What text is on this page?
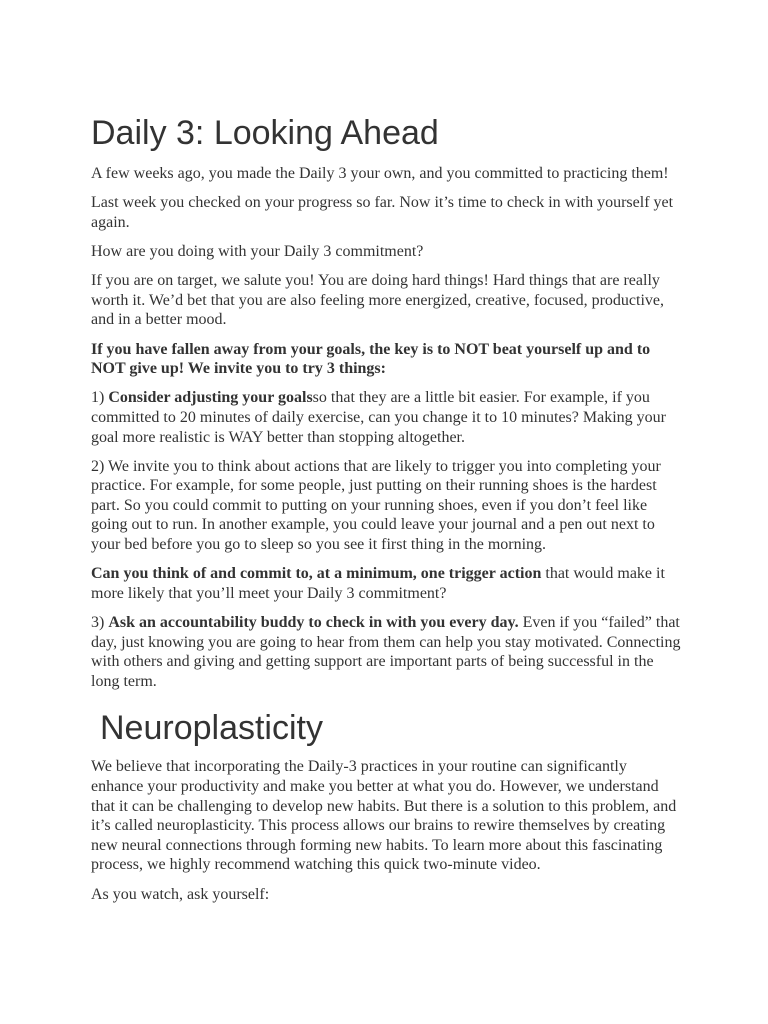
Daily 3: Looking Ahead

A few weeks ago, you made the Daily 3 your own, and you committed to practicing them!

Last week you checked on your progress so far. Now it’s time to check in with yourself yet again.

How are you doing with your Daily 3 commitment?

If you are on target, we salute you! You are doing hard things! Hard things that are really worth it. We’d bet that you are also feeling more energized, creative, focused, productive, and in a better mood.

If you have fallen away from your goals, the key is to NOT beat yourself up and to NOT give up! We invite you to try 3 things:

1) Consider adjusting your goalsso that they are a little bit easier. For example, if you committed to 20 minutes of daily exercise, can you change it to 10 minutes? Making your goal more realistic is WAY better than stopping altogether.

2) We invite you to think about actions that are likely to trigger you into completing your practice. For example, for some people, just putting on their running shoes is the hardest part. So you could commit to putting on your running shoes, even if you don’t feel like going out to run. In another example, you could leave your journal and a pen out next to your bed before you go to sleep so you see it first thing in the morning.

Can you think of and commit to, at a minimum, one trigger action that would make it more likely that you’ll meet your Daily 3 commitment?

3) Ask an accountability buddy to check in with you every day. Even if you “failed” that day, just knowing you are going to hear from them can help you stay motivated. Connecting with others and giving and getting support are important parts of being successful in the long term.

Neuroplasticity

We believe that incorporating the Daily-3 practices in your routine can significantly enhance your productivity and make you better at what you do. However, we understand that it can be challenging to develop new habits. But there is a solution to this problem, and it’s called neuroplasticity. This process allows our brains to rewire themselves by creating new neural connections through forming new habits. To learn more about this fascinating process, we highly recommend watching this quick two-minute video.

As you watch, ask yourself:
